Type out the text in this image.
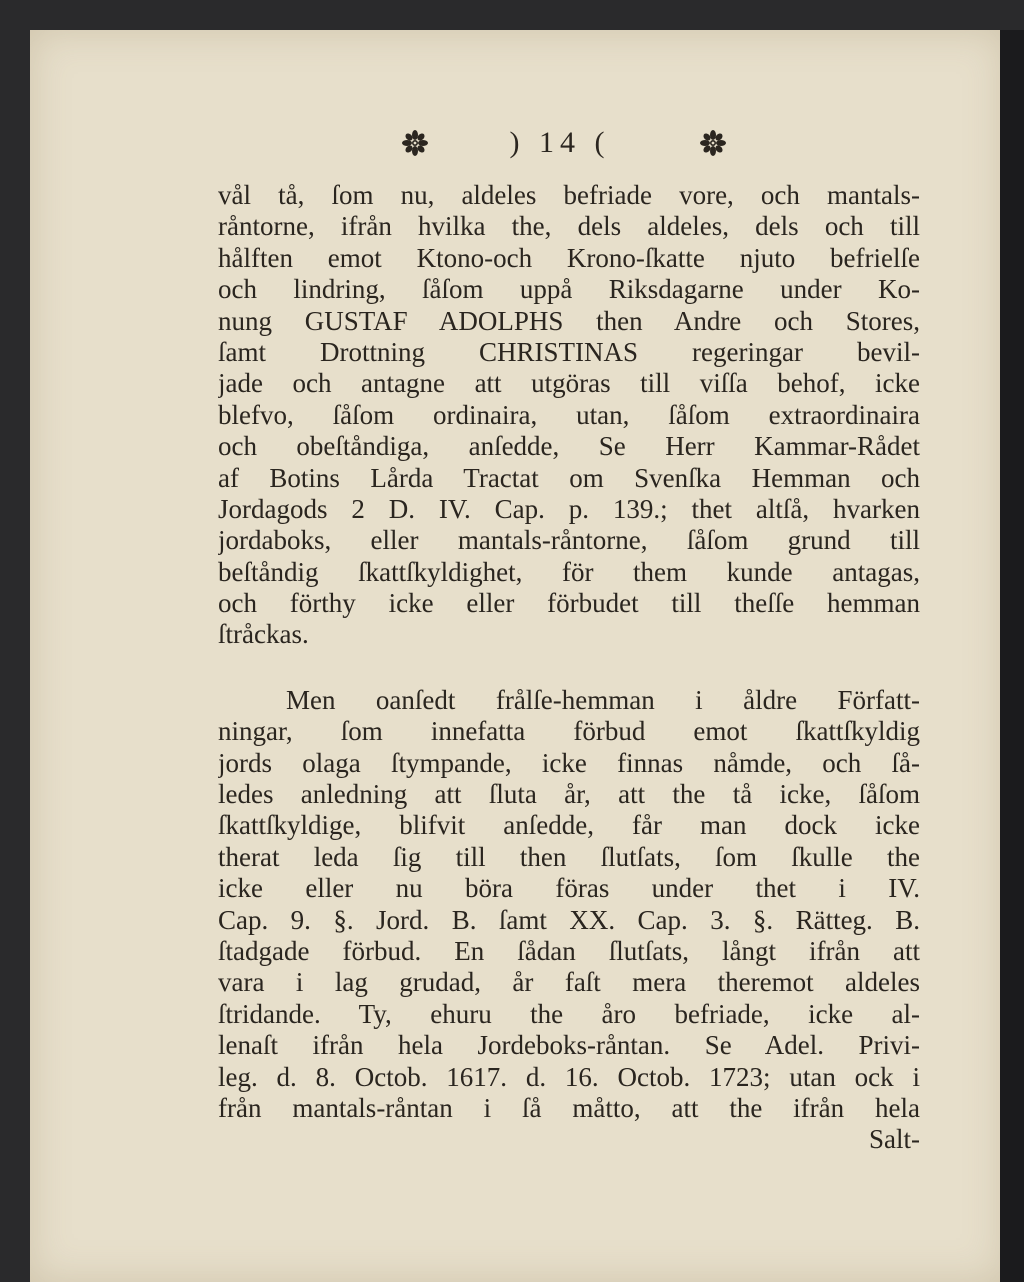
) 14 (
vål tå, ſom nu, aldeles befriade vore, och mantals-
råntorne, ifrån hvilka the, dels aldeles, dels och till
hålften emot Ktono-och Krono-ſkatte njuto befrielſe
och lindring, ſåſom uppå Riksdagarne under Ko-
nung GUSTAF ADOLPHS then Andre och Stores,
ſamt Drottning CHRISTINAS regeringar bevil-
jade och antagne att utgöras till viſſa behof, icke
blefvo, ſåſom ordinaira, utan, ſåſom extraordinaira
och obeſtåndiga, anſedde, Se Herr Kammar-Rådet
af Botins Lårda Tractat om Svenſka Hemman och
Jordagods 2 D. IV. Cap. p. 139.; thet altſå, hvarken
jordaboks, eller mantals-råntorne, ſåſom grund till
beſtåndig ſkattſkyldighet, för them kunde antagas,
och förthy icke eller förbudet till theſſe hemman
ſtråckas.
Men oanſedt frålſe-hemman i åldre Författ-
ningar, ſom innefatta förbud emot ſkattſkyldig
jords olaga ſtympande, icke finnas nåmde, och ſå-
ledes anledning att ſluta år, att the tå icke, ſåſom
ſkattſkyldige, blifvit anſedde, får man dock icke
therat leda ſig till then ſlutſats, ſom ſkulle the
icke eller nu böra föras under thet i IV.
Cap. 9. §. Jord. B. ſamt XX. Cap. 3. §. Rätteg. B.
ſtadgade förbud. En ſådan ſlutſats, långt ifrån att
vara i lag grudad, år faſt mera theremot aldeles
ſtridande. Ty, ehuru the åro befriade, icke al-
lenaſt ifrån hela Jordeboks-råntan. Se Adel. Privi-
leg. d. 8. Octob. 1617. d. 16. Octob. 1723; utan ock i
från mantals-råntan i ſå måtto, att the ifrån hela
Salt-
